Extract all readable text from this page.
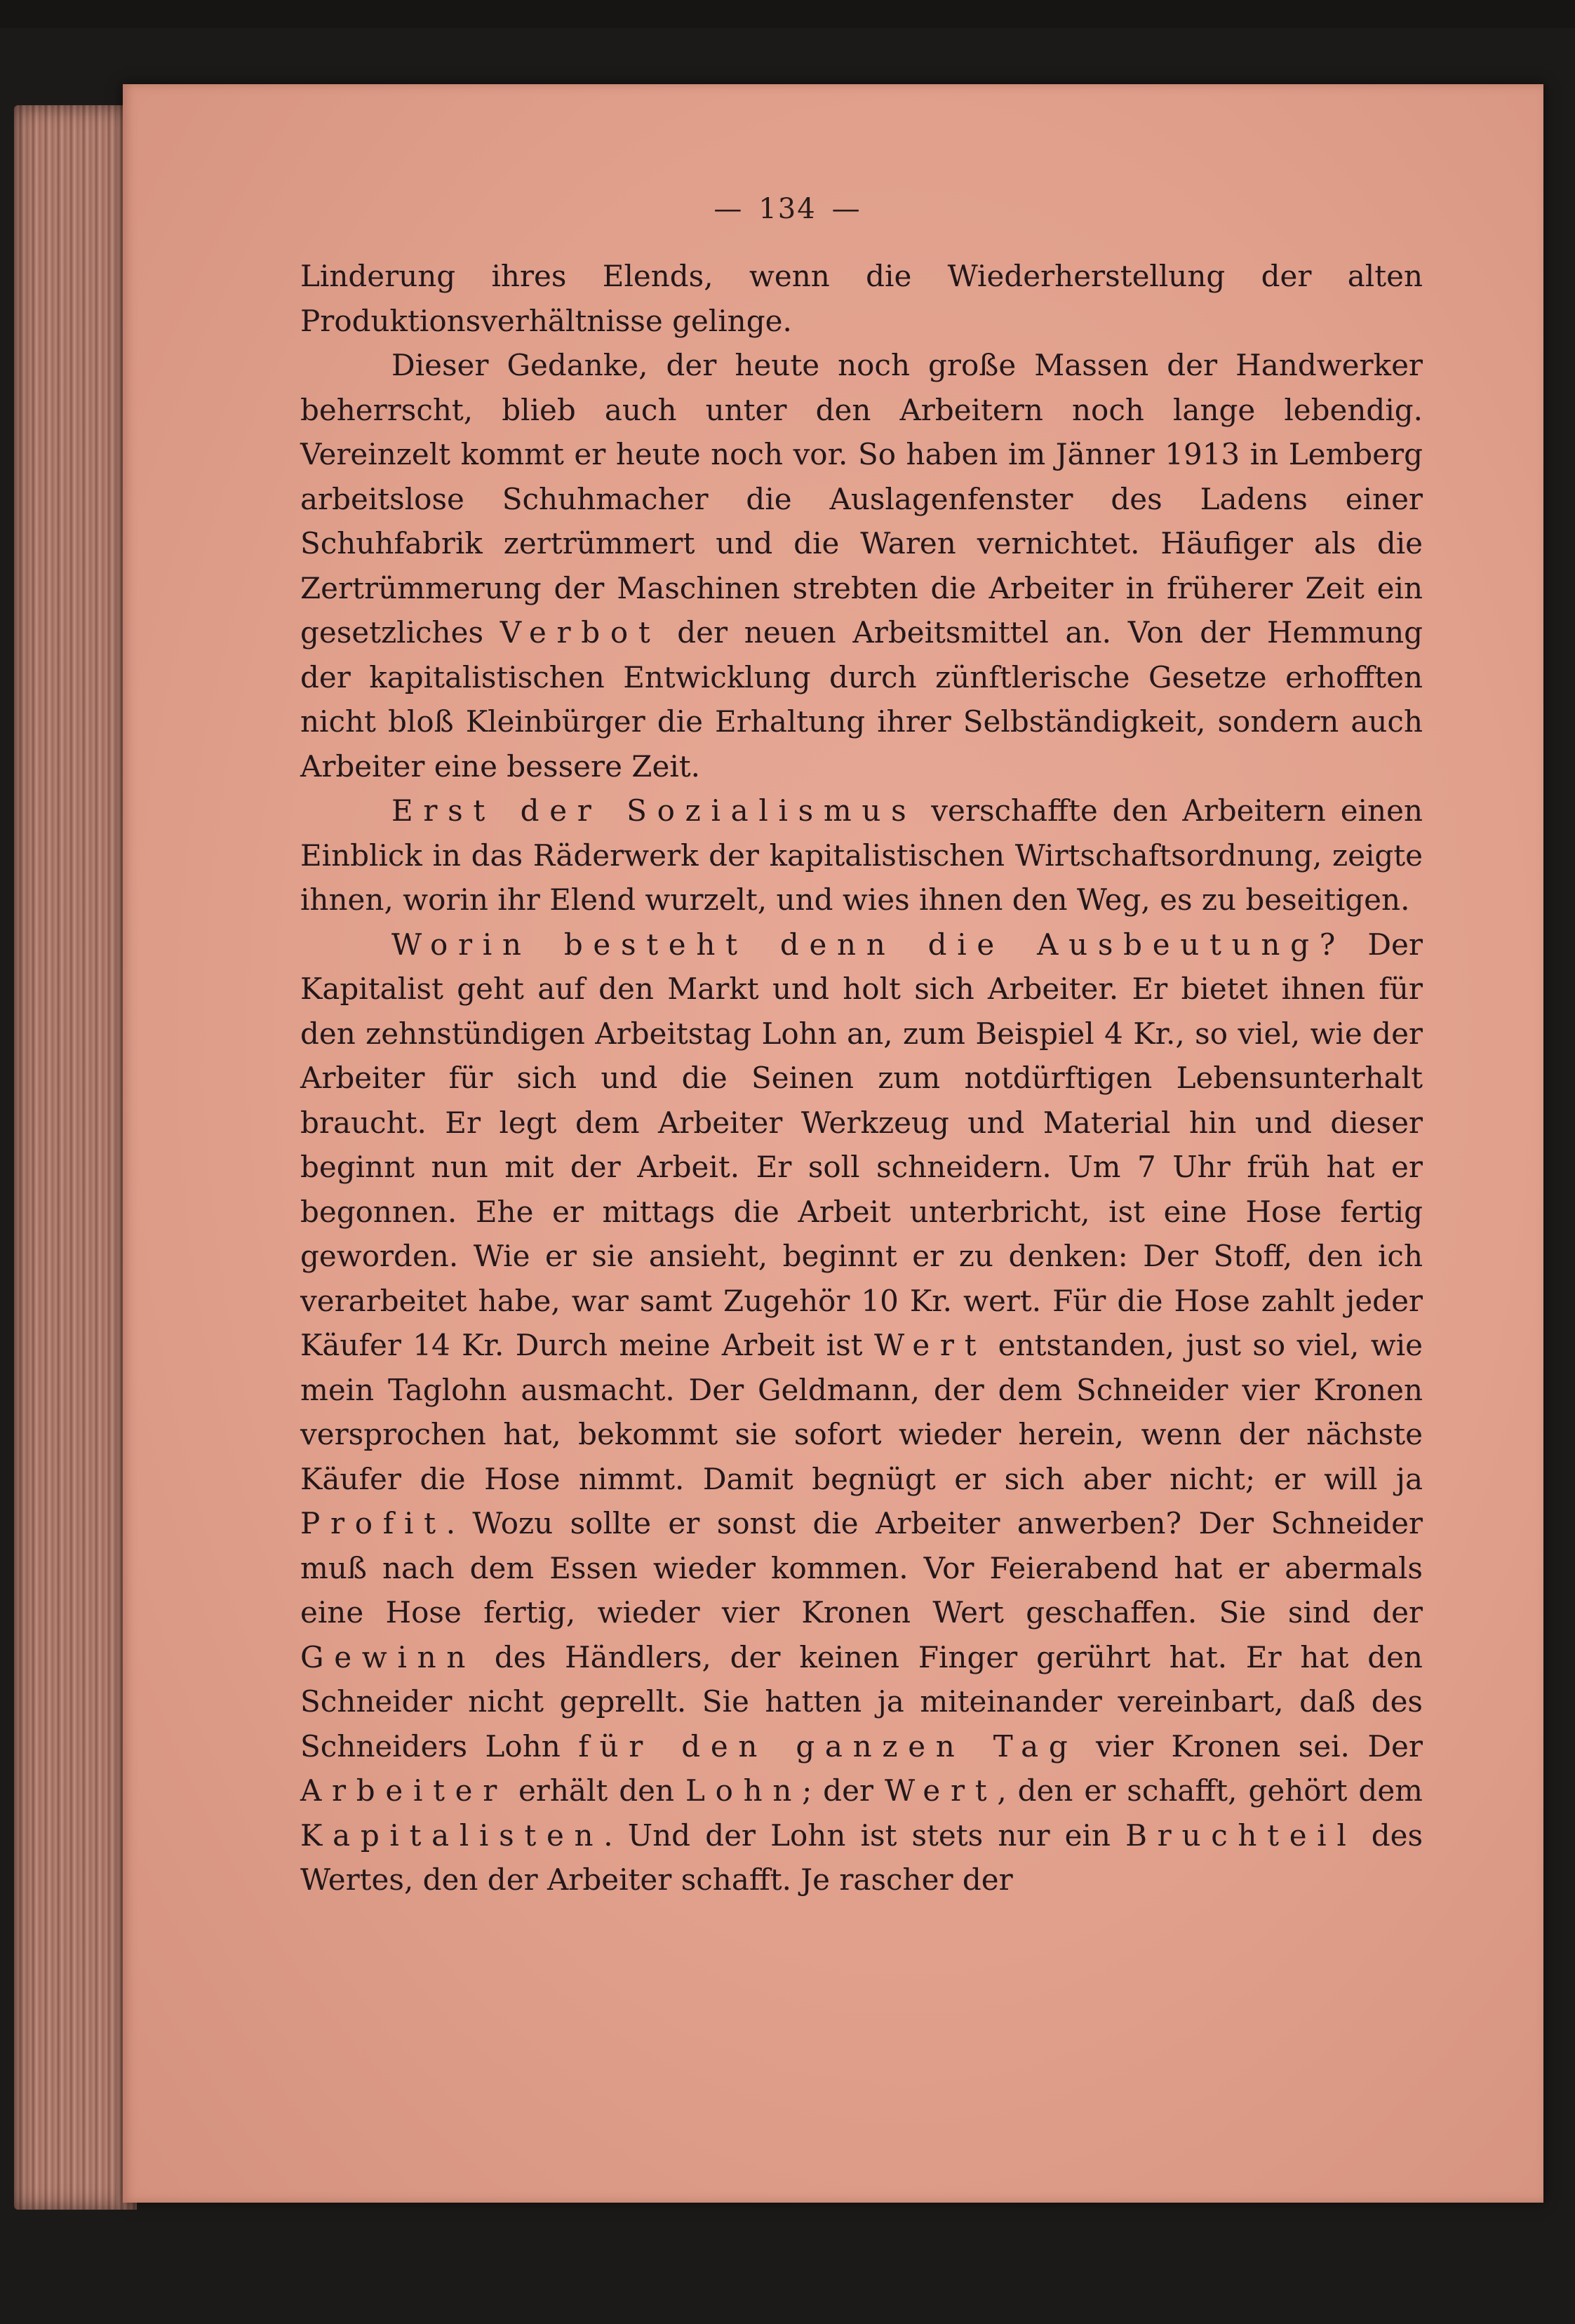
— 134 —

Linderung ihres Elends, wenn die Wiederherstellung der alten Produktionsverhältnisse gelinge.

Dieser Gedanke, der heute noch große Massen der Handwerker beherrscht, blieb auch unter den Arbeitern noch lange lebendig. Vereinzelt kommt er heute noch vor. So haben im Jänner 1913 in Lemberg arbeitslose Schuhmacher die Auslagenfenster des Ladens einer Schuhfabrik zertrümmert und die Waren vernichtet. Häufiger als die Zertrümmerung der Maschinen strebten die Arbeiter in früherer Zeit ein gesetzliches Verbot der neuen Arbeitsmittel an. Von der Hemmung der kapitalistischen Entwicklung durch zünftlerische Gesetze erhofften nicht bloß Kleinbürger die Erhaltung ihrer Selbständigkeit, sondern auch Arbeiter eine bessere Zeit.

Erst der Sozialismus verschaffte den Arbeitern einen Einblick in das Räderwerk der kapitalistischen Wirtschaftsordnung, zeigte ihnen, worin ihr Elend wurzelt, und wies ihnen den Weg, es zu beseitigen.

Worin besteht denn die Ausbeutung? Der Kapitalist geht auf den Markt und holt sich Arbeiter. Er bietet ihnen für den zehnstündigen Arbeitstag Lohn an, zum Beispiel 4 Kr., so viel, wie der Arbeiter für sich und die Seinen zum notdürftigen Lebensunterhalt braucht. Er legt dem Arbeiter Werkzeug und Material hin und dieser beginnt nun mit der Arbeit. Er soll schneidern. Um 7 Uhr früh hat er begonnen. Ehe er mittags die Arbeit unterbricht, ist eine Hose fertig geworden. Wie er sie ansieht, beginnt er zu denken: Der Stoff, den ich verarbeitet habe, war samt Zugehör 10 Kr. wert. Für die Hose zahlt jeder Käufer 14 Kr. Durch meine Arbeit ist Wert entstanden, just so viel, wie mein Taglohn ausmacht. Der Geldmann, der dem Schneider vier Kronen versprochen hat, bekommt sie sofort wieder herein, wenn der nächste Käufer die Hose nimmt. Damit begnügt er sich aber nicht; er will ja Profit. Wozu sollte er sonst die Arbeiter anwerben? Der Schneider muß nach dem Essen wieder kommen. Vor Feierabend hat er abermals eine Hose fertig, wieder vier Kronen Wert geschaffen. Sie sind der Gewinn des Händlers, der keinen Finger gerührt hat. Er hat den Schneider nicht geprellt. Sie hatten ja miteinander vereinbart, daß des Schneiders Lohn für den ganzen Tag vier Kronen sei. Der Arbeiter erhält den Lohn; der Wert, den er schafft, gehört dem Kapitalisten. Und der Lohn ist stets nur ein Bruchteil des Wertes, den der Arbeiter schafft. Je rascher der
